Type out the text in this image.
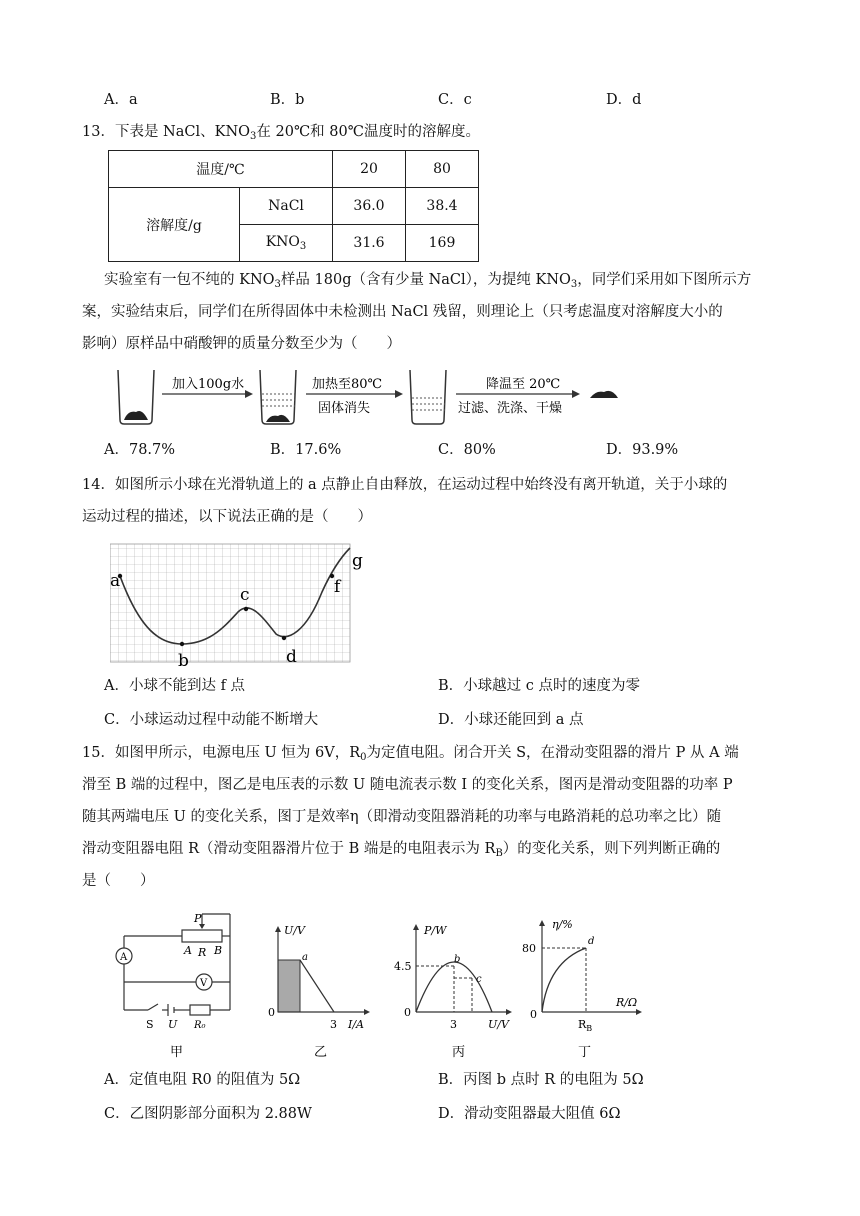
A．a	B．b	C．c	D．d
13．下表是 NaCl、$KNO_3$在 20℃和 80℃温度时的溶解度。
温度/℃		20	80
溶解度/g	NaCl	36.0	38.4
	$KNO_3$	31.6	169
实验室有一包不纯的 $KNO_3$样品 180g（含有少量 NaCl），为提纯 $KNO_3$，同学们采用如下图所示方
案，实验结束后，同学们在所得固体中未检测出 NaCl 残留，则理论上（只考虑温度对溶解度大小的
影响）原样品中硝酸钾的质量分数至少为（　　）
加入100g水	加热至80℃
固体消失
降温至 20℃
过滤、洗涤、干燥
A．78.7%	B．17.6%	C．80%	D．93.9%
14．如图所示小球在光滑轨道上的 a 点静止自由释放，在运动过程中始终没有离开轨道，关于小球的
运动过程的描述，以下说法正确的是（　　）
a
b
c
d
f
g
A．小球不能到达 f 点	B．小球越过 c 点时的速度为零
C．小球运动过程中动能不断增大	D．小球还能回到 a 点
15．如图甲所示，电源电压 U 恒为 6V，$R_0$为定值电阻。闭合开关 S，在滑动变阻器的滑片 P 从 A 端
滑至 B 端的过程中，图乙是电压表的示数 U 随电流表示数 I 的变化关系，图丙是滑动变阻器的功率 P
随其两端电压 U 的变化关系，图丁是效率η（即滑动变阻器消耗的功率与电路消耗的总功率之比）随
滑动变阻器电阻 R（滑动变阻器滑片位于 B 端是的电阻表示为 $R_B$）的变化关系，则下列判断正确的
是（　　）
P
A R B
A
V
S U R₀
甲
U/V
I/A
0
3
a
乙
P/W
U/V
0
4.5
3
b
c
丙
η/%
R/Ω
0
80
d
$R_B$
丁
A．定值电阻 R0 的阻值为 5Ω	B．丙图 b 点时 R 的电阻为 5Ω
C．乙图阴影部分面积为 2.88W	D．滑动变阻器最大阻值 6Ω
